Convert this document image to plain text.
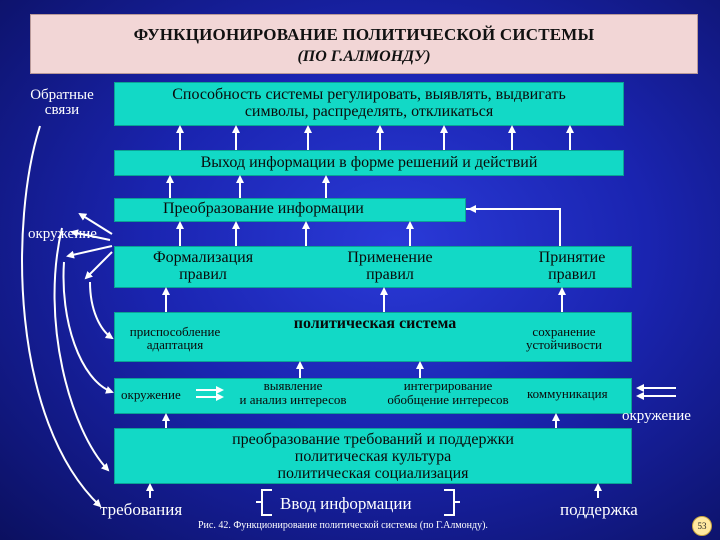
ФУНКЦИОНИРОВАНИЕ ПОЛИТИЧЕСКОЙ СИСТЕМЫ
(ПО Г.АЛМОНДУ)
Обратные
связи
Способность системы регулировать, выявлять, выдвигать
символы, распределять, откликаться
Выход информации в форме решений и действий
Преобразование информации
окружение
Формализация
правил
Применение
правил
Принятие
правил
приспособление
адаптация
политическая система	сохранение
устойчивости
окружение
выявление
и анализ интересов
интегрирование
обобщение интересов	коммуникация
окружение
преобразование требований и поддержки
политическая культура
политическая социализация
требования	Ввод информации	поддержка
Рис. 42. Функционирование политической системы (по Г.Алмонду).	53
